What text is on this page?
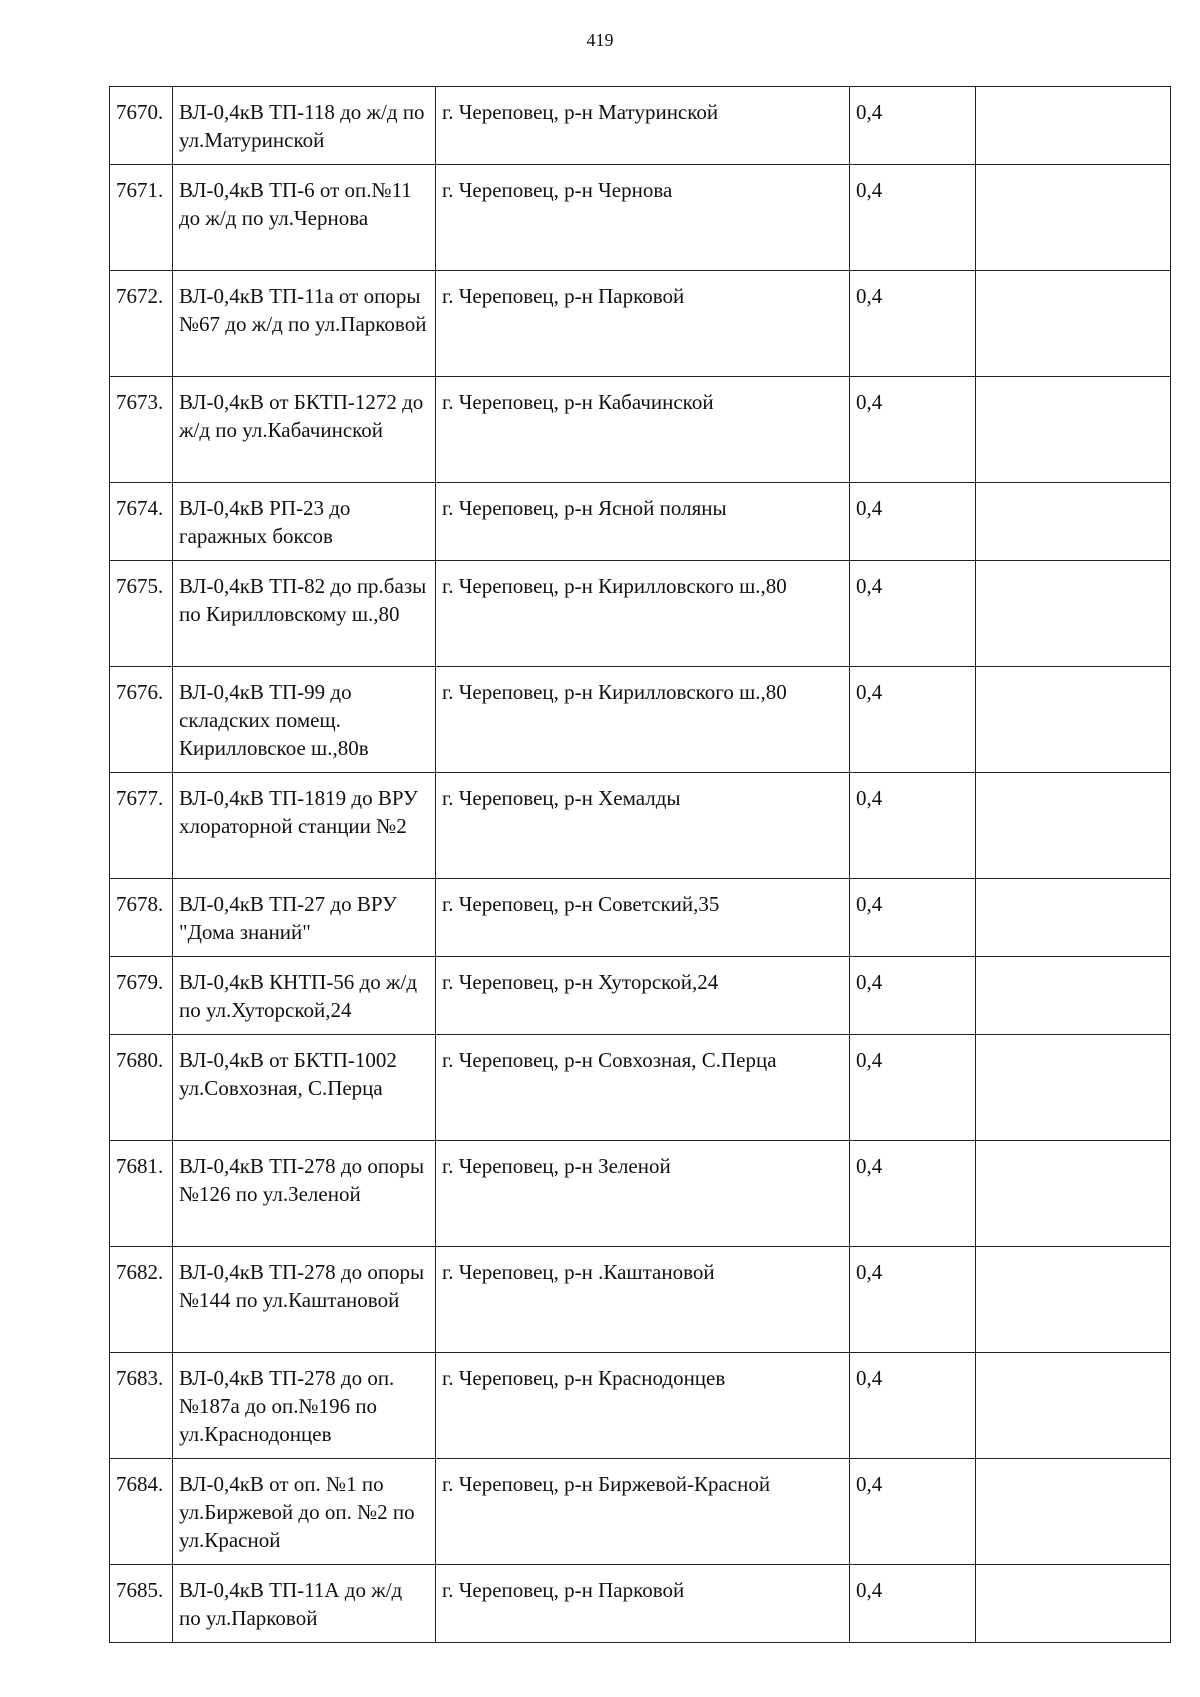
419
7670.	ВЛ-0,4кВ ТП-118 до ж/д по ул.Матуринской	г. Череповец, р-н Матуринской	0,4	
7671.	ВЛ-0,4кВ ТП-6 от оп.№11 до ж/д по ул.Чернова	г. Череповец, р-н Чернова	0,4	
7672.	ВЛ-0,4кВ ТП-11а от опоры №67 до ж/д по ул.Парковой	г. Череповец, р-н Парковой	0,4	
7673.	ВЛ-0,4кВ от БКТП-1272 до ж/д по ул.Кабачинской	г. Череповец, р-н Кабачинской	0,4	
7674.	ВЛ-0,4кВ РП-23 до гаражных боксов	г. Череповец, р-н Ясной поляны	0,4	
7675.	ВЛ-0,4кВ ТП-82 до пр.базы по Кирилловскому ш.,80	г. Череповец, р-н Кирилловского ш.,80	0,4	
7676.	ВЛ-0,4кВ ТП-99 до складских помещ. Кирилловское ш.,80в	г. Череповец, р-н Кирилловского ш.,80	0,4	
7677.	ВЛ-0,4кВ ТП-1819 до ВРУ хлораторной станции №2	г. Череповец, р-н Хемалды	0,4	
7678.	ВЛ-0,4кВ ТП-27 до ВРУ "Дома знаний"	г. Череповец, р-н Советский,35	0,4	
7679.	ВЛ-0,4кВ КНТП-56 до ж/д по ул.Хуторской,24	г. Череповец, р-н Хуторской,24	0,4	
7680.	ВЛ-0,4кВ от БКТП-1002 ул.Совхозная, С.Перца	г. Череповец, р-н Совхозная, С.Перца	0,4	
7681.	ВЛ-0,4кВ ТП-278 до опоры №126 по ул.Зеленой	г. Череповец, р-н Зеленой	0,4	
7682.	ВЛ-0,4кВ ТП-278 до опоры №144 по ул.Каштановой	г. Череповец, р-н .Каштановой	0,4	
7683.	ВЛ-0,4кВ ТП-278 до оп.№187а до оп.№196 по ул.Краснодонцев	г. Череповец, р-н Краснодонцев	0,4	
7684.	ВЛ-0,4кВ от оп. №1 по ул.Биржевой до оп. №2 по ул.Красной	г. Череповец, р-н Биржевой-Красной	0,4	
7685.	ВЛ-0,4кВ ТП-11А до ж/д по ул.Парковой	г. Череповец, р-н Парковой	0,4	
